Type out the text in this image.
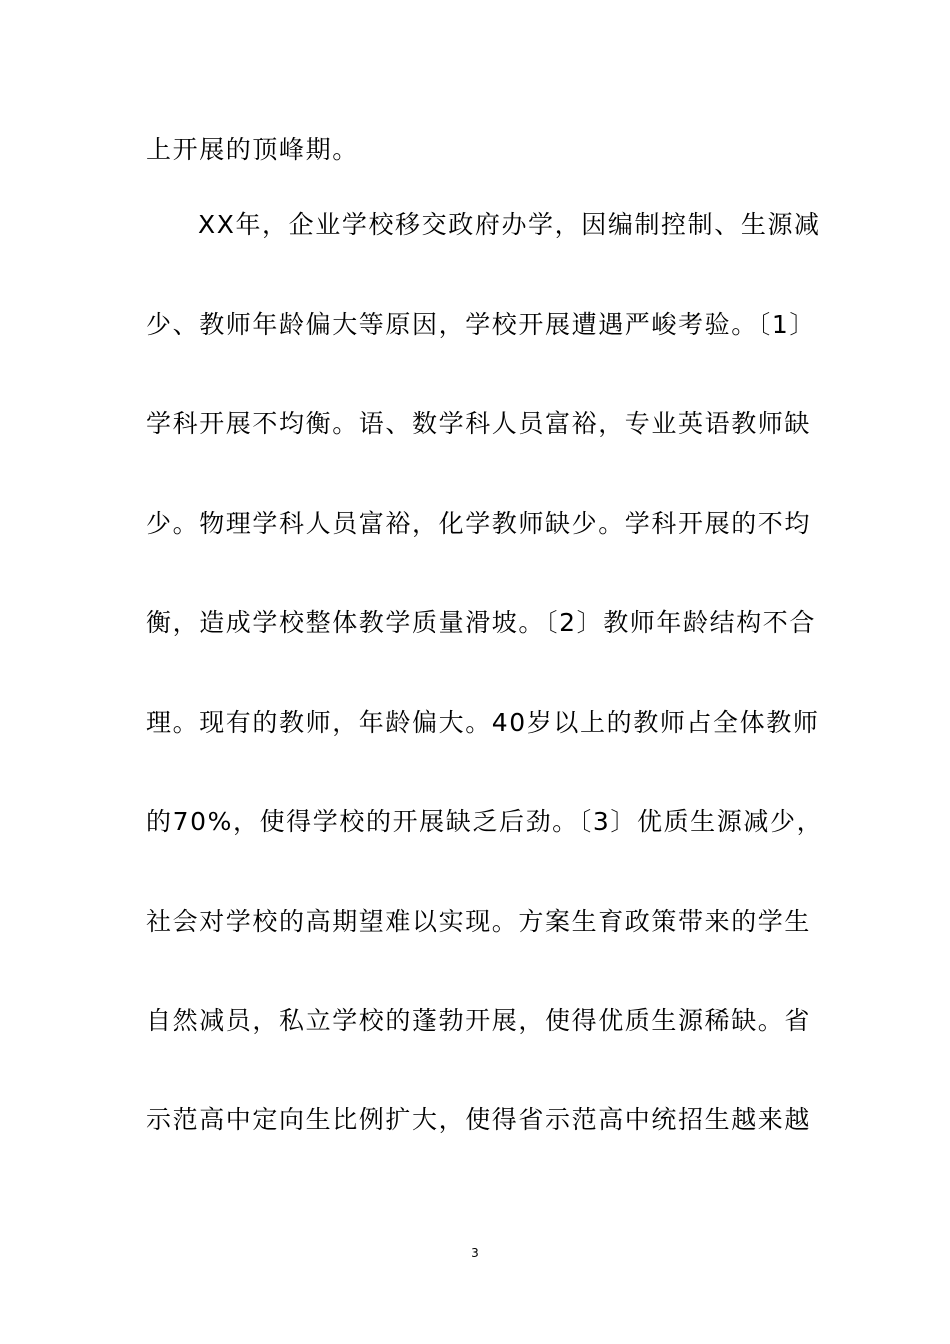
上开展的顶峰期。
XX年，企业学校移交政府办学，因编制控制、生源减
少、教师年龄偏大等原因，学校开展遭遇严峻考验。〔1〕
学科开展不均衡。语、数学科人员富裕，专业英语教师缺
少。物理学科人员富裕，化学教师缺少。学科开展的不均
衡，造成学校整体教学质量滑坡。〔2〕教师年龄结构不合
理。现有的教师，年龄偏大。40岁以上的教师占全体教师
的70%，使得学校的开展缺乏后劲。〔3〕优质生源减少，
社会对学校的高期望难以实现。方案生育政策带来的学生
自然减员，私立学校的蓬勃开展，使得优质生源稀缺。省
示范高中定向生比例扩大，使得省示范高中统招生越来越
3
